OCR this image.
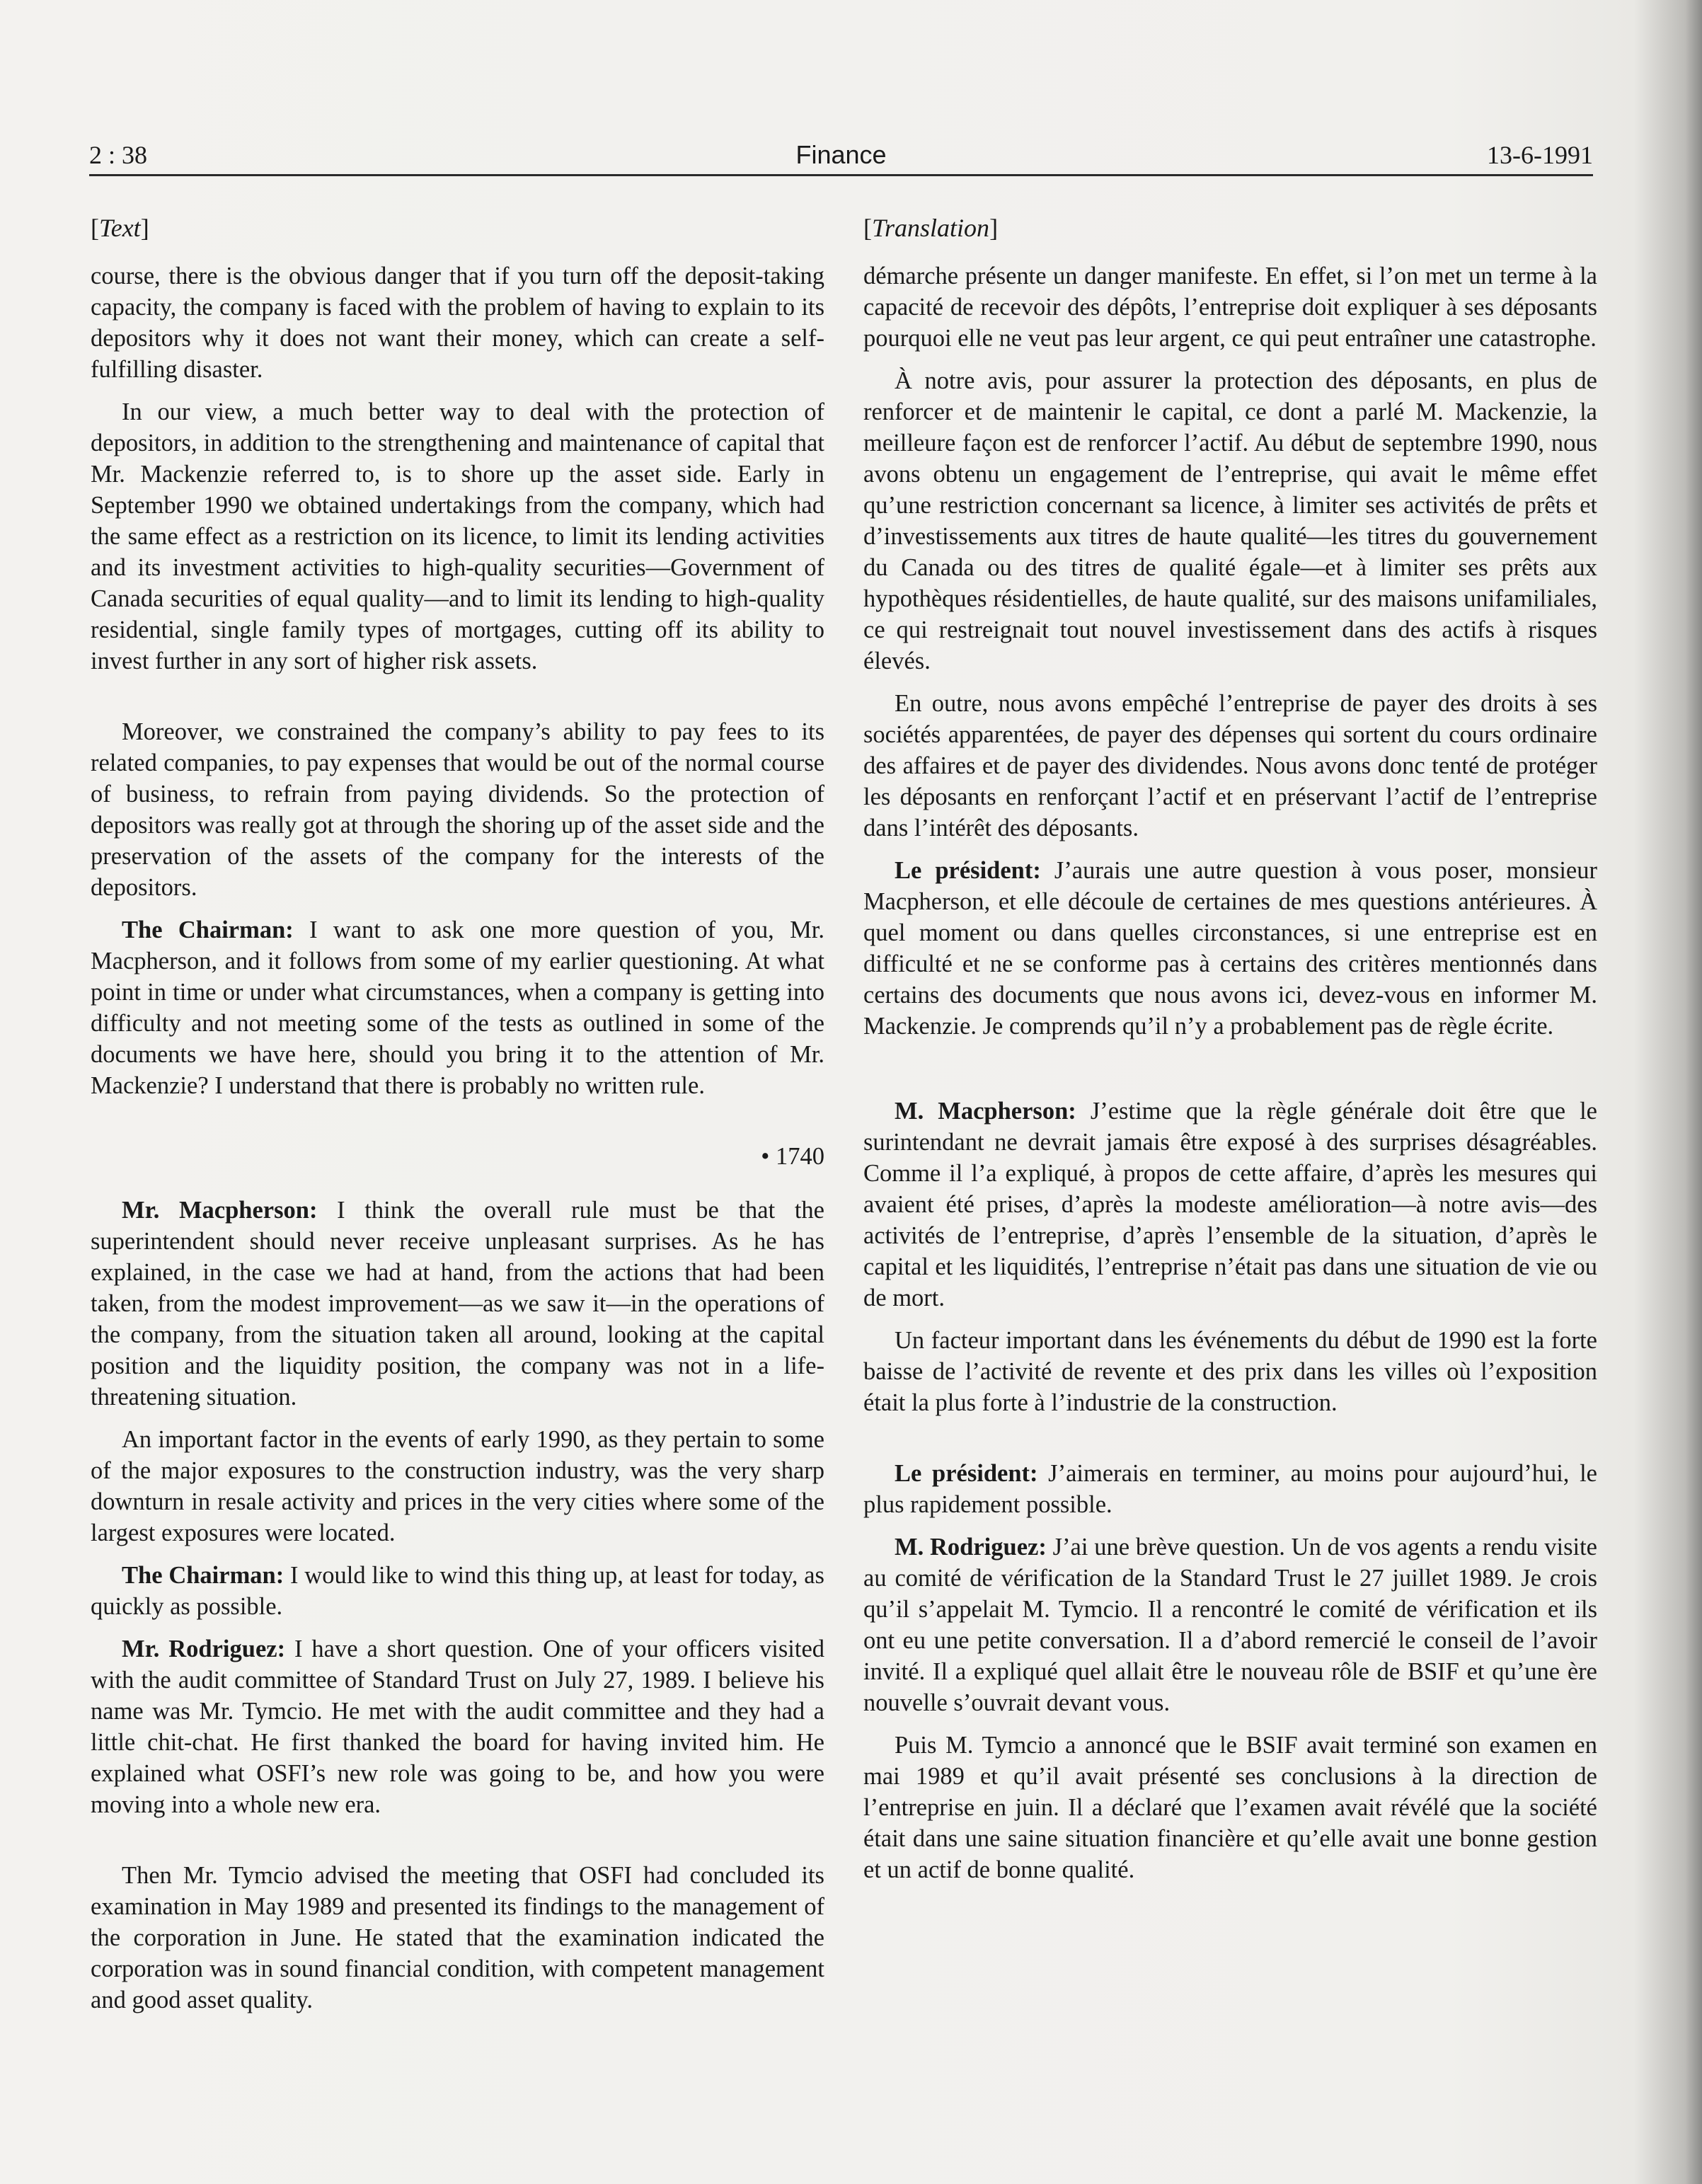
2 : 38	Finance	13-6-1991
[Text]

course, there is the obvious danger that if you turn off the deposit-taking capacity, the company is faced with the problem of having to explain to its depositors why it does not want their money, which can create a self-fulfilling disaster.

In our view, a much better way to deal with the protection of depositors, in addition to the strengthening and maintenance of capital that Mr. Mackenzie referred to, is to shore up the asset side. Early in September 1990 we obtained undertakings from the company, which had the same effect as a restriction on its licence, to limit its lending activities and its investment activities to high-quality securities—Government of Canada securities of equal quality—and to limit its lending to high-quality residential, single family types of mortgages, cutting off its ability to invest further in any sort of higher risk assets.

Moreover, we constrained the company’s ability to pay fees to its related companies, to pay expenses that would be out of the normal course of business, to refrain from paying dividends. So the protection of depositors was really got at through the shoring up of the asset side and the preservation of the assets of the company for the interests of the depositors.

The Chairman: I want to ask one more question of you, Mr. Macpherson, and it follows from some of my earlier questioning. At what point in time or under what circumstances, when a company is getting into difficulty and not meeting some of the tests as outlined in some of the documents we have here, should you bring it to the attention of Mr. Mackenzie? I understand that there is probably no written rule.

• 1740

Mr. Macpherson: I think the overall rule must be that the superintendent should never receive unpleasant surprises. As he has explained, in the case we had at hand, from the actions that had been taken, from the modest improvement—as we saw it—in the operations of the company, from the situation taken all around, looking at the capital position and the liquidity position, the company was not in a life-threatening situation.

An important factor in the events of early 1990, as they pertain to some of the major exposures to the construction industry, was the very sharp downturn in resale activity and prices in the very cities where some of the largest exposures were located.

The Chairman: I would like to wind this thing up, at least for today, as quickly as possible.

Mr. Rodriguez: I have a short question. One of your officers visited with the audit committee of Standard Trust on July 27, 1989. I believe his name was Mr. Tymcio. He met with the audit committee and they had a little chit-chat. He first thanked the board for having invited him. He explained what OSFI’s new role was going to be, and how you were moving into a whole new era.

Then Mr. Tymcio advised the meeting that OSFI had concluded its examination in May 1989 and presented its findings to the management of the corporation in June. He stated that the examination indicated the corporation was in sound financial condition, with competent management and good asset quality.

[Translation]

démarche présente un danger manifeste. En effet, si l’on met un terme à la capacité de recevoir des dépôts, l’entreprise doit expliquer à ses déposants pourquoi elle ne veut pas leur argent, ce qui peut entraîner une catastrophe.

À notre avis, pour assurer la protection des déposants, en plus de renforcer et de maintenir le capital, ce dont a parlé M. Mackenzie, la meilleure façon est de renforcer l’actif. Au début de septembre 1990, nous avons obtenu un engagement de l’entreprise, qui avait le même effet qu’une restriction concernant sa licence, à limiter ses activités de prêts et d’investissements aux titres de haute qualité—les titres du gouvernement du Canada ou des titres de qualité égale—et à limiter ses prêts aux hypothèques résidentielles, de haute qualité, sur des maisons unifamiliales, ce qui restreignait tout nouvel investissement dans des actifs à risques élevés.

En outre, nous avons empêché l’entreprise de payer des droits à ses sociétés apparentées, de payer des dépenses qui sortent du cours ordinaire des affaires et de payer des dividendes. Nous avons donc tenté de protéger les déposants en renforçant l’actif et en préservant l’actif de l’entreprise dans l’intérêt des déposants.

Le président: J’aurais une autre question à vous poser, monsieur Macpherson, et elle découle de certaines de mes questions antérieures. À quel moment ou dans quelles circonstances, si une entreprise est en difficulté et ne se conforme pas à certains des critères mentionnés dans certains des documents que nous avons ici, devez-vous en informer M. Mackenzie. Je comprends qu’il n’y a probablement pas de règle écrite.

M. Macpherson: J’estime que la règle générale doit être que le surintendant ne devrait jamais être exposé à des surprises désagréables. Comme il l’a expliqué, à propos de cette affaire, d’après les mesures qui avaient été prises, d’après la modeste amélioration—à notre avis—des activités de l’entreprise, d’après l’ensemble de la situation, d’après le capital et les liquidités, l’entreprise n’était pas dans une situation de vie ou de mort.

Un facteur important dans les événements du début de 1990 est la forte baisse de l’activité de revente et des prix dans les villes où l’exposition était la plus forte à l’industrie de la construction.

Le président: J’aimerais en terminer, au moins pour aujourd’hui, le plus rapidement possible.

M. Rodriguez: J’ai une brève question. Un de vos agents a rendu visite au comité de vérification de la Standard Trust le 27 juillet 1989. Je crois qu’il s’appelait M. Tymcio. Il a rencontré le comité de vérification et ils ont eu une petite conversation. Il a d’abord remercié le conseil de l’avoir invité. Il a expliqué quel allait être le nouveau rôle de BSIF et qu’une ère nouvelle s’ouvrait devant vous.

Puis M. Tymcio a annoncé que le BSIF avait terminé son examen en mai 1989 et qu’il avait présenté ses conclusions à la direction de l’entreprise en juin. Il a déclaré que l’examen avait révélé que la société était dans une saine situation financière et qu’elle avait une bonne gestion et un actif de bonne qualité.
